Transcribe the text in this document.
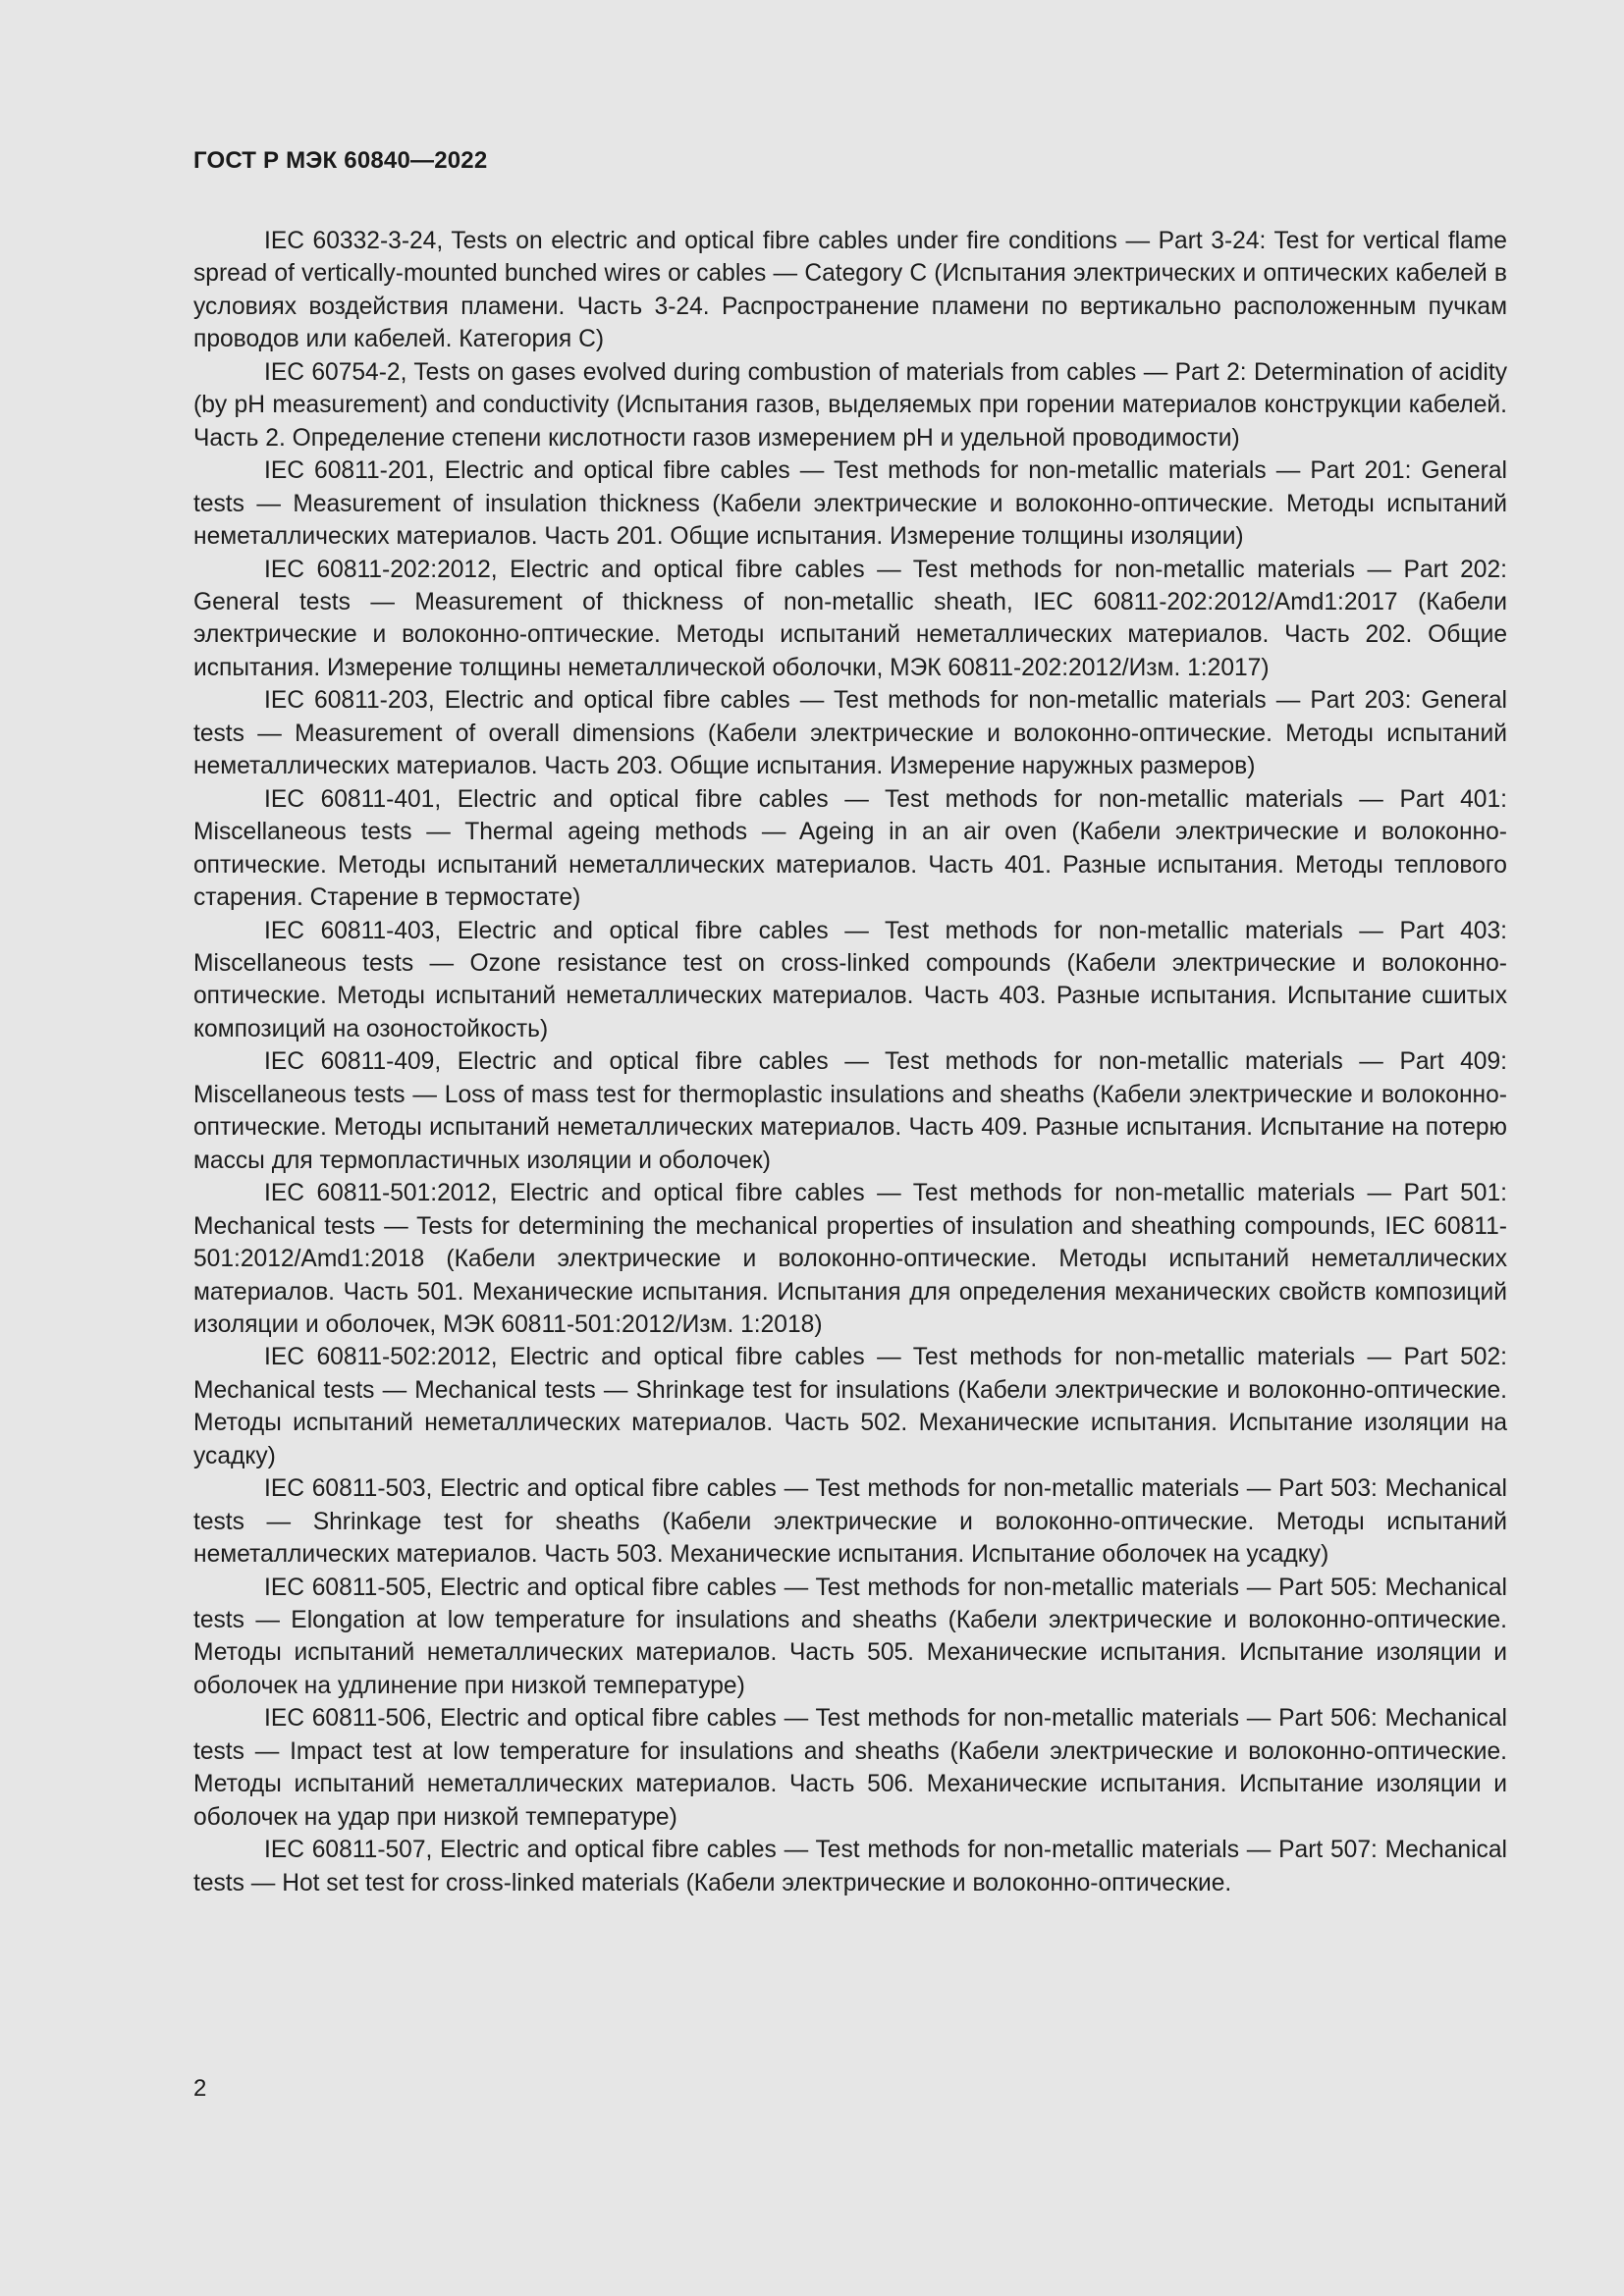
ГОСТ Р МЭК 60840—2022

IEC 60332-3-24, Tests on electric and optical fibre cables under fire conditions — Part 3-24: Test for vertical flame spread of vertically-mounted bunched wires or cables — Category C (Испытания электрических и оптических кабелей в условиях воздействия пламени. Часть 3-24. Распространение пламени по вертикально расположенным пучкам проводов или кабелей. Категория С)

IEC 60754-2, Tests on gases evolved during combustion of materials from cables — Part 2: Determination of acidity (by pH measurement) and conductivity (Испытания газов, выделяемых при горении материалов конструкции кабелей. Часть 2. Определение степени кислотности газов измерением pH и удельной проводимости)

IEC 60811-201, Electric and optical fibre cables — Test methods for non-metallic materials — Part 201: General tests — Measurement of insulation thickness (Кабели электрические и волоконно-оптические. Методы испытаний неметаллических материалов. Часть 201. Общие испытания. Измерение толщины изоляции)

IEC 60811-202:2012, Electric and optical fibre cables — Test methods for non-metallic materials — Part 202: General tests — Measurement of thickness of non-metallic sheath, IEC 60811-202:2012/Amd1:2017 (Кабели электрические и волоконно-оптические. Методы испытаний неметаллических материалов. Часть 202. Общие испытания. Измерение толщины неметаллической оболочки, МЭК 60811-202:2012/​Изм. 1:2017)

IEC 60811-203, Electric and optical fibre cables — Test methods for non-metallic materials — Part 203: General tests — Measurement of overall dimensions (Кабели электрические и волоконно-оптические. Методы испытаний неметаллических материалов. Часть 203. Общие испытания. Измерение наружных размеров)

IEC 60811-401, Electric and optical fibre cables — Test methods for non-metallic materials — Part 401: Miscellaneous tests — Thermal ageing methods — Ageing in an air oven (Кабели электрические и волоконно-оптические. Методы испытаний неметаллических материалов. Часть 401. Разные испытания. Методы теплового старения. Старение в термостате)

IEC 60811-403, Electric and optical fibre cables — Test methods for non-metallic materials — Part 403: Miscellaneous tests — Ozone resistance test on cross-linked compounds (Кабели электрические и волоконно-оптические. Методы испытаний неметаллических материалов. Часть 403. Разные испытания. Испытание сшитых композиций на озоностойкость)

IEC 60811-409, Electric and optical fibre cables — Test methods for non-metallic materials — Part 409: Miscellaneous tests — Loss of mass test for thermoplastic insulations and sheaths (Кабели электрические и волоконно-оптические. Методы испытаний неметаллических материалов. Часть 409. Разные испытания. Испытание на потерю массы для термопластичных изоляции и оболочек)

IEC 60811-501:2012, Electric and optical fibre cables — Test methods for non-metallic materials — Part 501: Mechanical tests — Tests for determining the mechanical properties of insulation and sheathing compounds, IEC 60811-501:2012/Amd1:2018 (Кабели электрические и волоконно-оптические. Методы испытаний неметаллических материалов. Часть 501. Механические испытания. Испытания для определения механических свойств композиций изоляции и оболочек, МЭК 60811-501:2012/Изм. 1:2018)

IEC 60811-502:2012, Electric and optical fibre cables — Test methods for non-metallic materials — Part 502: Mechanical tests — Mechanical tests — Shrinkage test for insulations (Кабели электрические и волоконно-оптические. Методы испытаний неметаллических материалов. Часть 502. Механические испытания. Испытание изоляции на усадку)

IEC 60811-503, Electric and optical fibre cables — Test methods for non-metallic materials — Part 503: Mechanical tests — Shrinkage test for sheaths (Кабели электрические и волоконно-оптические. Методы испытаний неметаллических материалов. Часть 503. Механические испытания. Испытание оболочек на усадку)

IEC 60811-505, Electric and optical fibre cables — Test methods for non-metallic materials — Part 505: Mechanical tests — Elongation at low temperature for insulations and sheaths (Кабели электрические и волоконно-оптические. Методы испытаний неметаллических материалов. Часть 505. Механические испытания. Испытание изоляции и оболочек на удлинение при низкой температуре)

IEC 60811-506, Electric and optical fibre cables — Test methods for non-metallic materials — Part 506: Mechanical tests — Impact test at low temperature for insulations and sheaths (Кабели электрические и волоконно-оптические. Методы испытаний неметаллических материалов. Часть 506. Механические испытания. Испытание изоляции и оболочек на удар при низкой температуре)

IEC 60811-507, Electric and optical fibre cables — Test methods for non-metallic materials — Part 507: Mechanical tests — Hot set test for cross-linked materials (Кабели электрические и волоконно-оптические.

2
